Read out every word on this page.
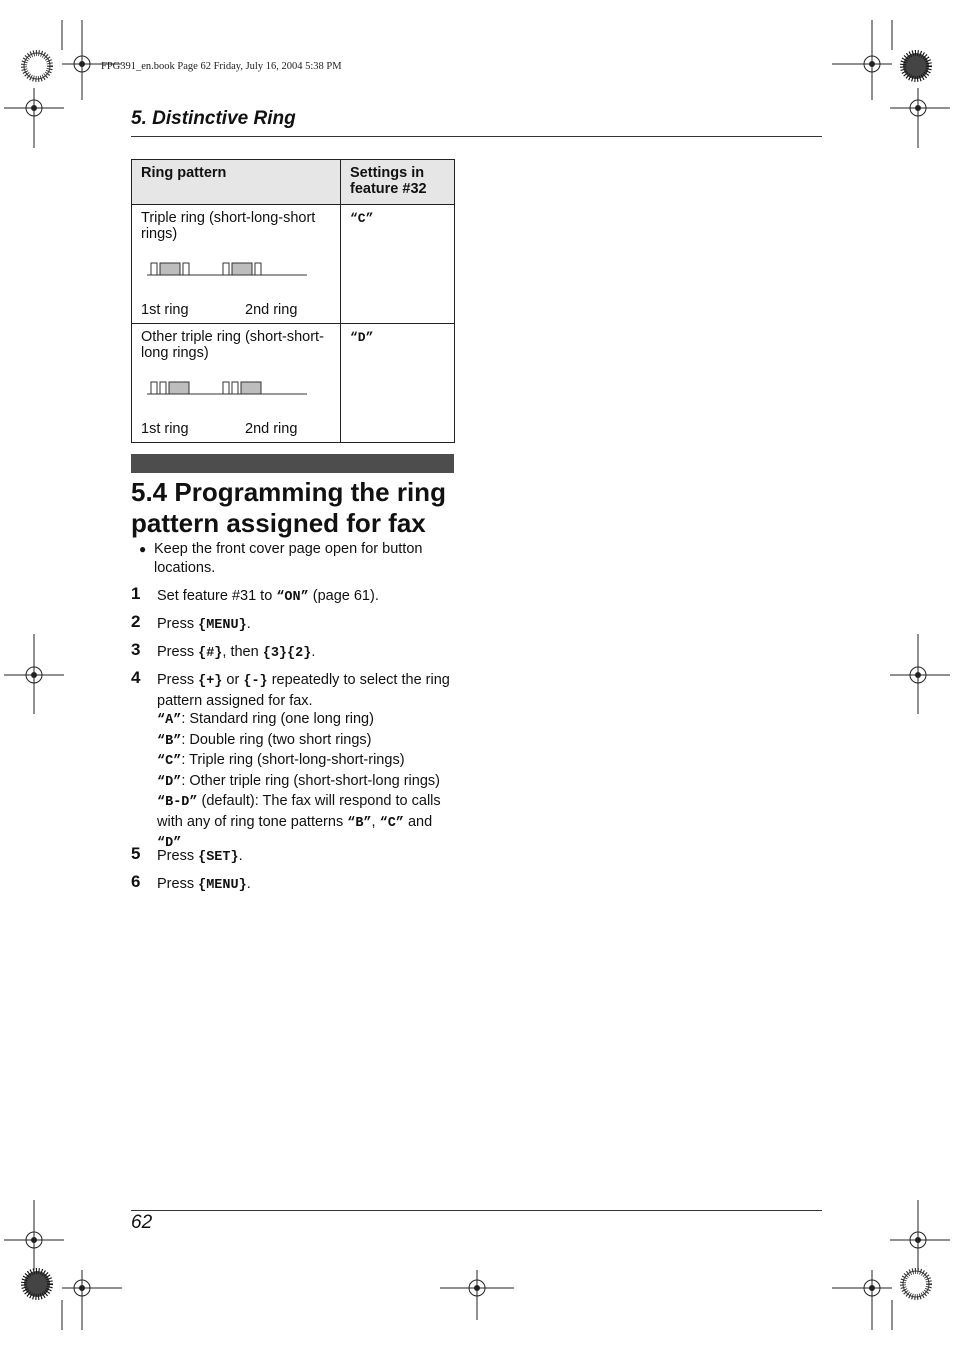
FPG391_en.book Page 62 Friday, July 16, 2004 5:38 PM
5. Distinctive Ring
Ring pattern	Settings in feature #32

Triple ring (short-long-short rings)
1st ring 2nd ring	“C”

Other triple ring (short-short-long rings)
1st ring 2nd ring	“D”
5.4 Programming the ring pattern assigned for fax
● Keep the front cover page open for button locations.
1 Set feature #31 to “ON” (page 61).
2 Press {MENU}.
3 Press {#}, then {3}{2}.
4 Press {+} or {-} repeatedly to select the ring pattern assigned for fax.
“A”: Standard ring (one long ring)
“B”: Double ring (two short rings)
“C”: Triple ring (short-long-short-rings)
“D”: Other triple ring (short-short-long rings)
“B-D” (default): The fax will respond to calls with any of ring tone patterns “B”, “C” and
“D”
5 Press {SET}.
6 Press {MENU}.
62
